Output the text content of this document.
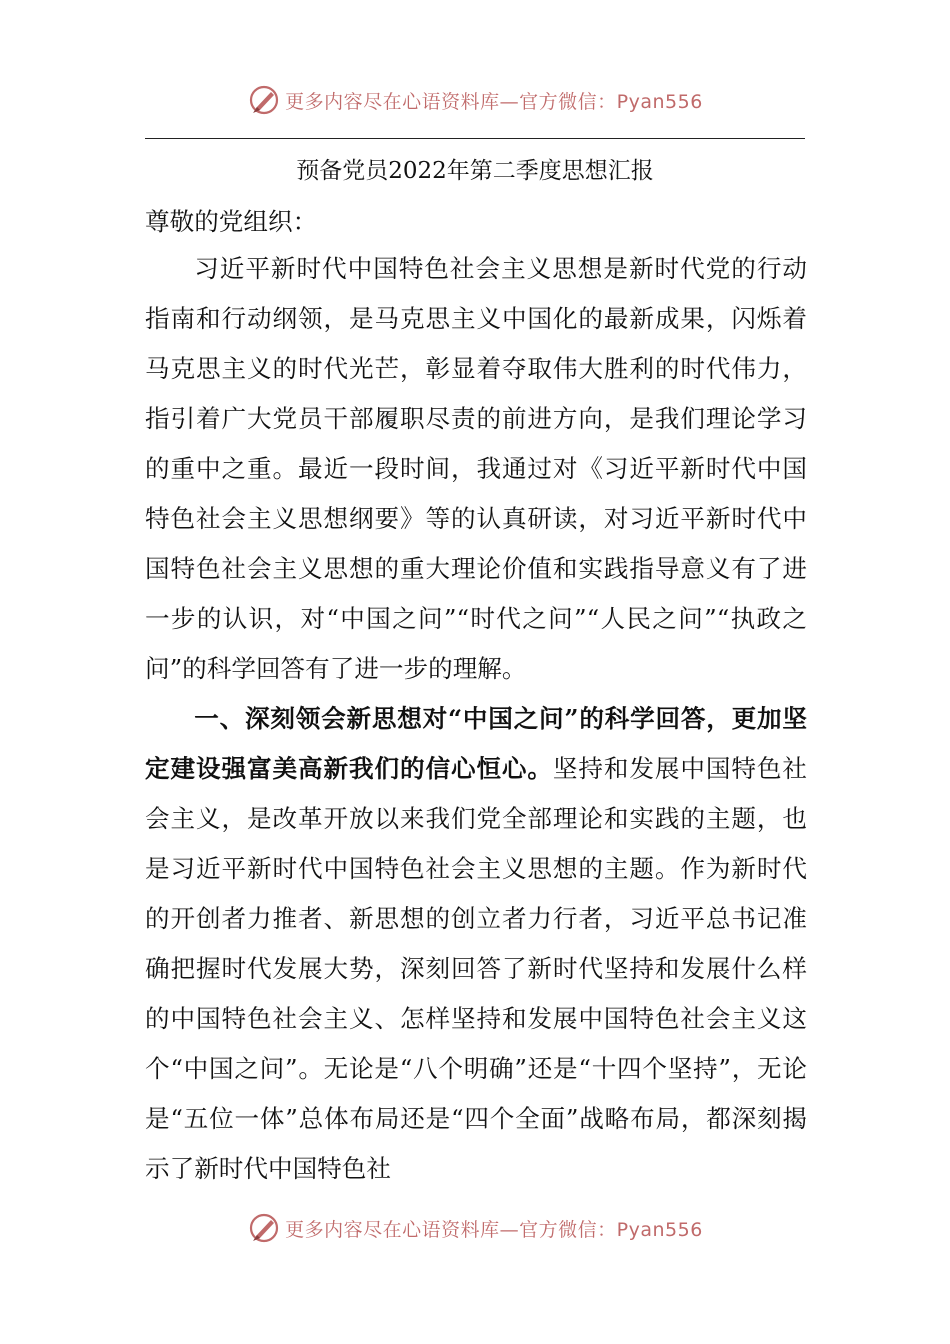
更多内容尽在心语资料库—官方微信：Pyan556
预备党员2022年第二季度思想汇报

尊敬的党组织：

习近平新时代中国特色社会主义思想是新时代党的行动指南和行动纲领，是马克思主义中国化的最新成果，闪烁着马克思主义的时代光芒，彰显着夺取伟大胜利的时代伟力，指引着广大党员干部履职尽责的前进方向，是我们理论学习的重中之重。最近一段时间，我通过对《习近平新时代中国特色社会主义思想纲要》等的认真研读，对习近平新时代中国特色社会主义思想的重大理论价值和实践指导意义有了进一步的认识，对“中国之问”“时代之问”“人民之问”“执政之问”的科学回答有了进一步的理解。

一、深刻领会新思想对“中国之问”的科学回答，更加坚定建设强富美高新我们的信心恒心。坚持和发展中国特色社会主义，是改革开放以来我们党全部理论和实践的主题，也是习近平新时代中国特色社会主义思想的主题。作为新时代的开创者力推者、新思想的创立者力行者，习近平总书记准确把握时代发展大势，深刻回答了新时代坚持和发展什么样的中国特色社会主义、怎样坚持和发展中国特色社会主义这个“中国之问”。无论是“八个明确”还是“十四个坚持”，无论是“五位一体”总体布局还是“四个全面”战略布局，都深刻揭示了新时代中国特色社

更多内容尽在心语资料库—官方微信：Pyan556
